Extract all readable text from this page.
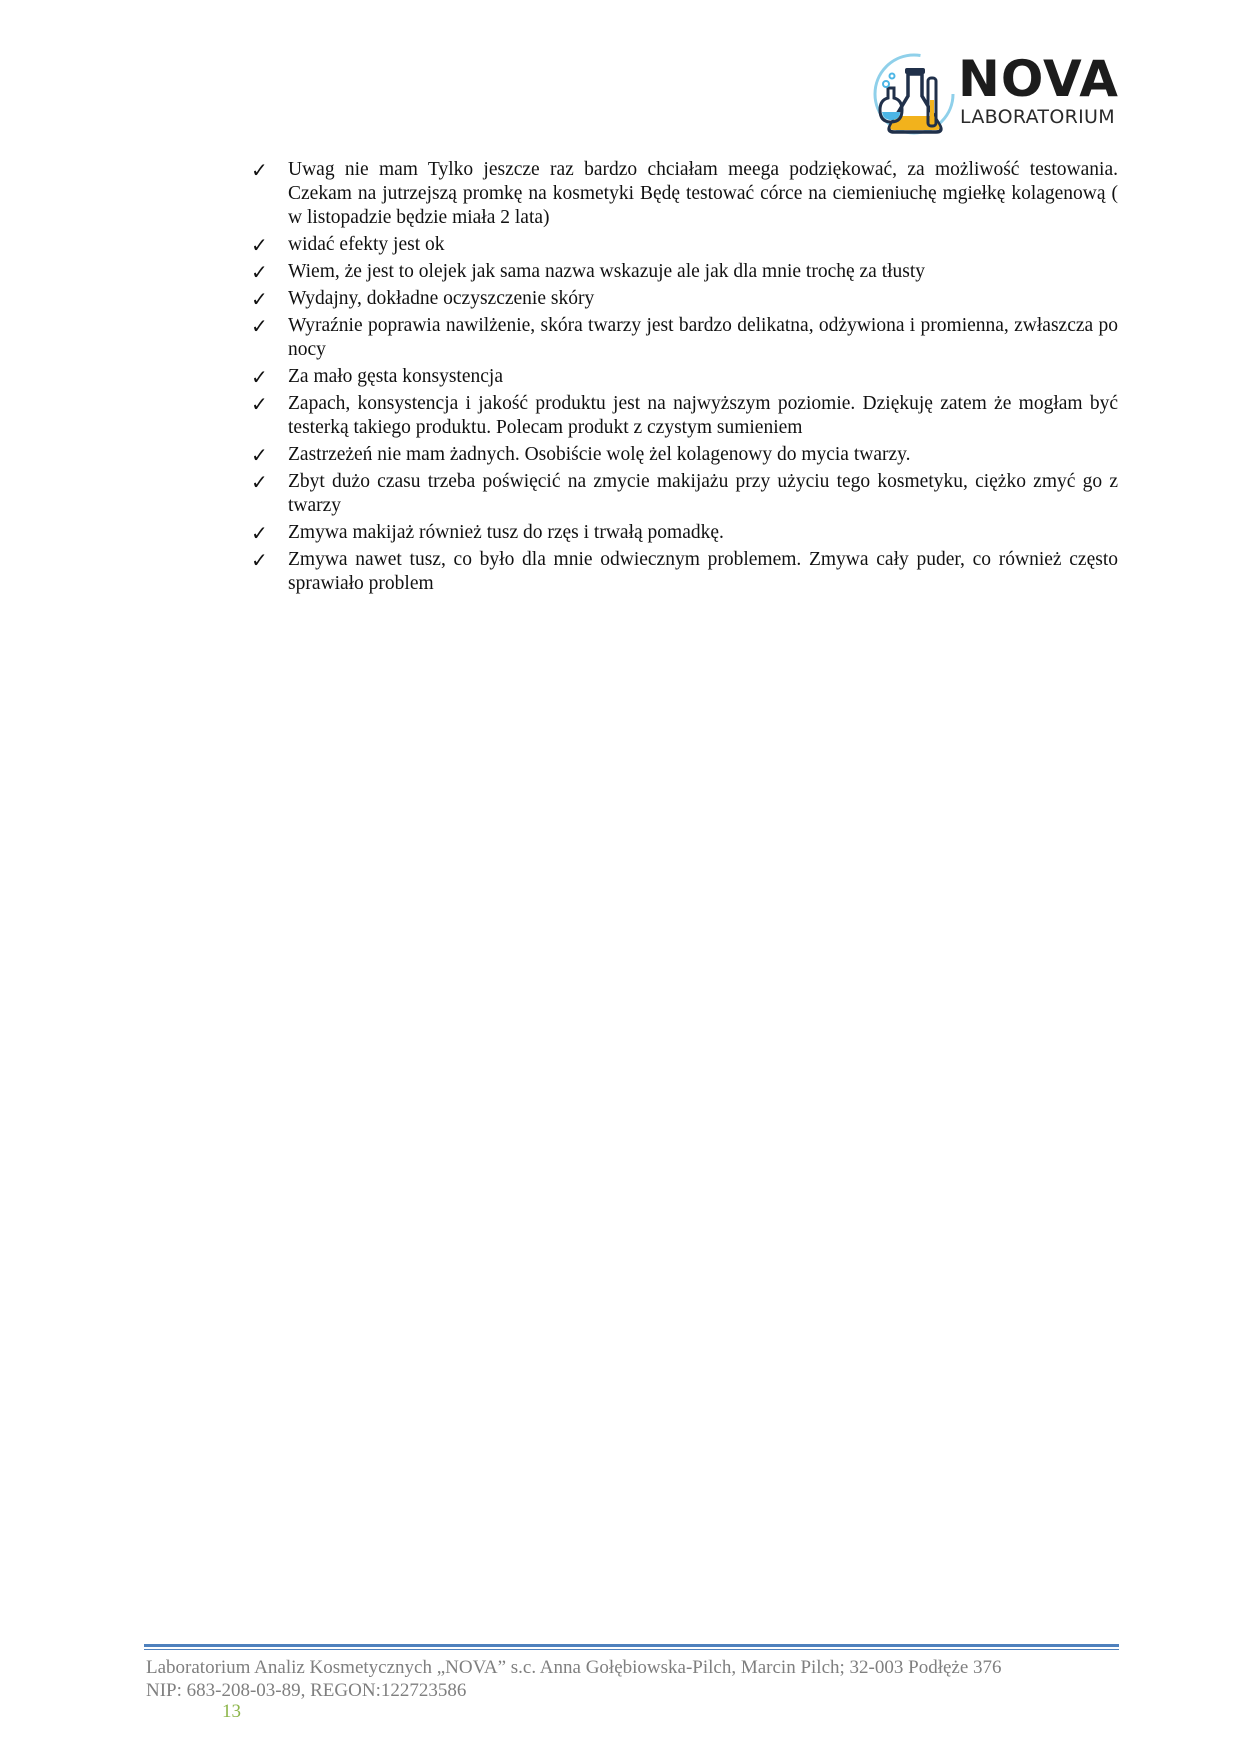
NOVA
LABORATORIUM
✓ Uwag nie mam Tylko jeszcze raz bardzo chciałam meega podziękować, za możliwość testowania. Czekam na jutrzejszą promkę na kosmetyki Będę testować córce na ciemieniuchę mgiełkę kolagenową ( w listopadzie będzie miała 2 lata)
✓ widać efekty jest ok
✓ Wiem, że jest to olejek jak sama nazwa wskazuje ale jak dla mnie trochę za tłusty
✓ Wydajny, dokładne oczyszczenie skóry
✓ Wyraźnie poprawia nawilżenie, skóra twarzy jest bardzo delikatna, odżywiona i promienna, zwłaszcza po nocy
✓ Za mało gęsta konsystencja
✓ Zapach, konsystencja i jakość produktu jest na najwyższym poziomie. Dziękuję zatem że mogłam być testerką takiego produktu. Polecam produkt z czystym sumieniem
✓ Zastrzeżeń nie mam żadnych. Osobiście wolę żel kolagenowy do mycia twarzy.
✓ Zbyt dużo czasu trzeba poświęcić na zmycie makijażu przy użyciu tego kosmetyku, ciężko zmyć go z twarzy
✓ Zmywa makijaż również tusz do rzęs i trwałą pomadkę.
✓ Zmywa nawet tusz, co było dla mnie odwiecznym problemem. Zmywa cały puder, co również często sprawiało problem
Laboratorium Analiz Kosmetycznych „NOVA” s.c. Anna Gołębiowska-Pilch, Marcin Pilch; 32-003 Podłęże 376
NIP: 683-208-03-89, REGON:122723586
13
